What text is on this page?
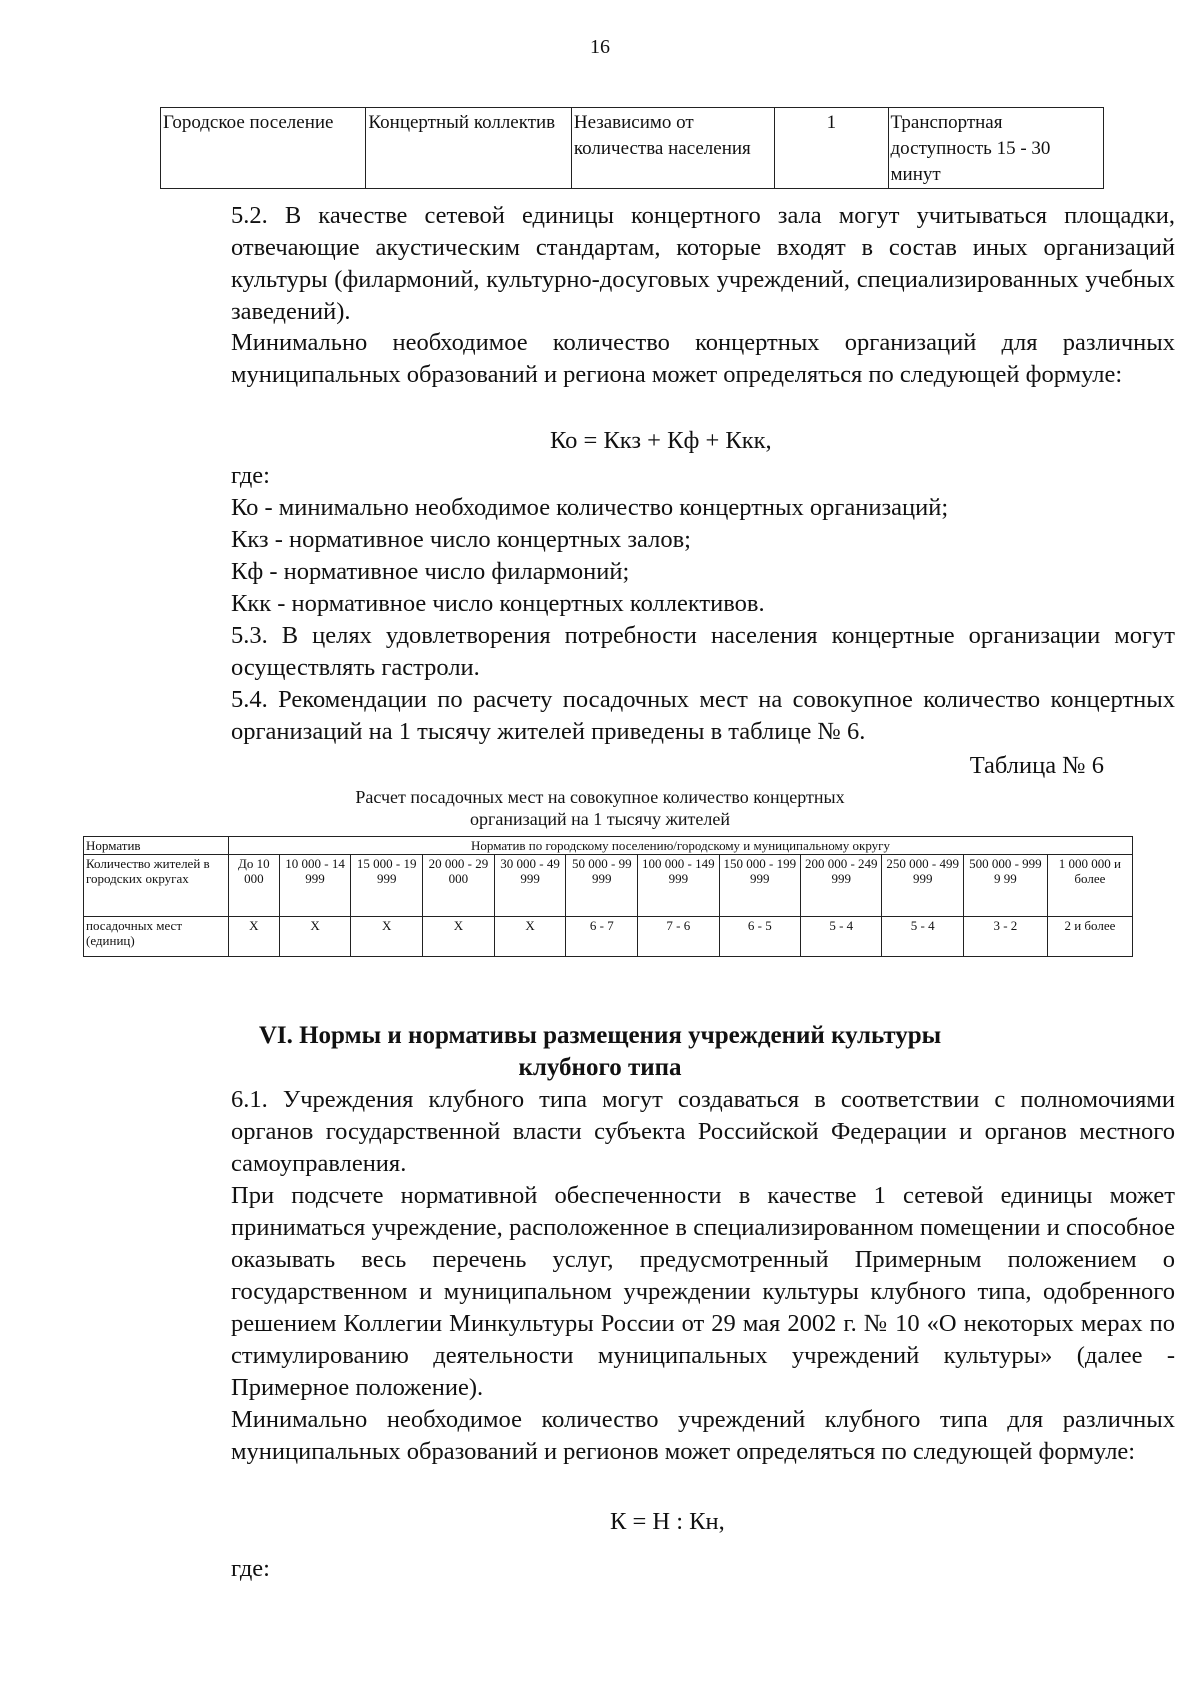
16
Городское поселение	Концертный коллектив	Независимо от количества населения	1	Транспортная доступность 15 - 30 минут
5.2. В качестве сетевой единицы концертного зала могут учитываться площадки, отвечающие акустическим стандартам, которые входят в состав иных организаций культуры (филармоний, культурно-досуговых учреждений, специализированных учебных заведений).
Минимально необходимое количество концертных организаций для различных муниципальных образований и региона может определяться по следующей формуле:
Ко = Ккз + Кф + Ккк,
где:
Ко - минимально необходимое количество концертных организаций;
Ккз - нормативное число концертных залов;
Кф - нормативное число филармоний;
Ккк - нормативное число концертных коллективов.
5.3. В целях удовлетворения потребности населения концертные организации могут осуществлять гастроли.
5.4. Рекомендации по расчету посадочных мест на совокупное количество концертных организаций на 1 тысячу жителей приведены в таблице № 6.
Таблица № 6
Расчет посадочных мест на совокупное количество концертных
организаций на 1 тысячу жителей
Норматив	Норматив по городскому поселению/городскому и муниципальному округу											
Количество жителей в городских округах	До 10 000	10 000 - 14 999	15 000 - 19 999	20 000 - 29 000	30 000 - 49 999	50 000 - 99 999	100 000 - 149 999	150 000 - 199 999	200 000 - 249 999	250 000 - 499 999	500 000 - 999 9 99	1 000 000 и более
посадочных мест (единиц)	Х	Х	Х	Х	Х	6 - 7	7 - 6	6 - 5	5 - 4	5 - 4	3 - 2	2 и более
VI. Нормы и нормативы размещения учреждений культуры
клубного типа
6.1. Учреждения клубного типа могут создаваться в соответствии с полномочиями органов государственной власти субъекта Российской Федерации и органов местного самоуправления.
При подсчете нормативной обеспеченности в качестве 1 сетевой единицы может приниматься учреждение, расположенное в специализированном помещении и способное оказывать весь перечень услуг, предусмотренный Примерным положением о государственном и муниципальном учреждении культуры клубного типа, одобренного решением Коллегии Минкультуры России от 29 мая 2002 г. № 10 «О некоторых мерах по стимулированию деятельности муниципальных учреждений культуры» (далее - Примерное положение).
Минимально необходимое количество учреждений клубного типа для различных муниципальных образований и регионов может определяться по следующей формуле:
К = Н : Кн,
где:
